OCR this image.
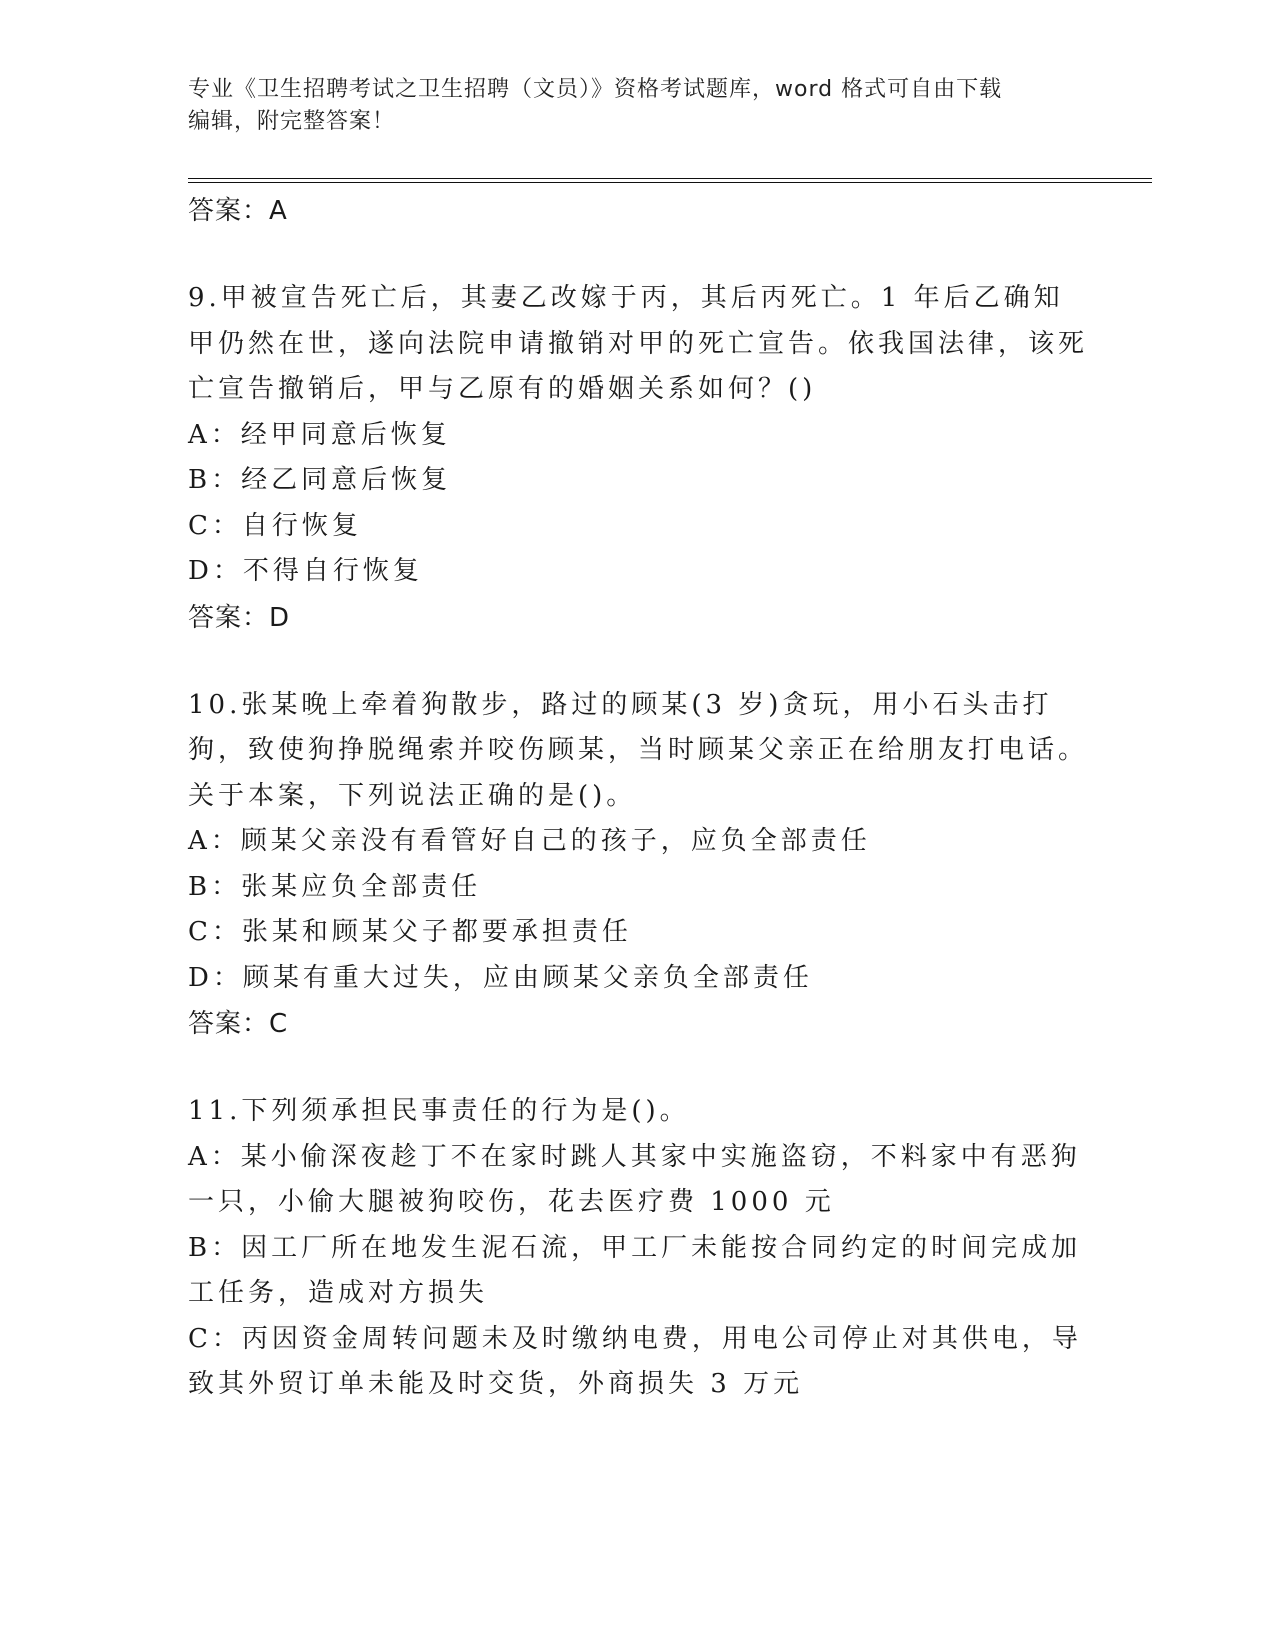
专业《卫生招聘考试之卫生招聘（文员）》资格考试题库，word 格式可自由下载
编辑，附完整答案！

答案：A

9.甲被宣告死亡后，其妻乙改嫁于丙，其后丙死亡。1 年后乙确知甲仍然在世，遂向法院申请撤销对甲的死亡宣告。依我国法律，该死亡宣告撤销后，甲与乙原有的婚姻关系如何？()

A：经甲同意后恢复

B：经乙同意后恢复

C：自行恢复

D：不得自行恢复

答案：D

10.张某晚上牵着狗散步，路过的顾某(3 岁)贪玩，用小石头击打狗，致使狗挣脱绳索并咬伤顾某，当时顾某父亲正在给朋友打电话。关于本案，下列说法正确的是()。

A：顾某父亲没有看管好自己的孩子，应负全部责任

B：张某应负全部责任

C：张某和顾某父子都要承担责任

D：顾某有重大过失，应由顾某父亲负全部责任

答案：C

11.下列须承担民事责任的行为是()。

A：某小偷深夜趁丁不在家时跳人其家中实施盗窃，不料家中有恶狗一只，小偷大腿被狗咬伤，花去医疗费 1000 元

B：因工厂所在地发生泥石流，甲工厂未能按合同约定的时间完成加工任务，造成对方损失

C：丙因资金周转问题未及时缴纳电费，用电公司停止对其供电，导致其外贸订单未能及时交货，外商损失 3 万元
